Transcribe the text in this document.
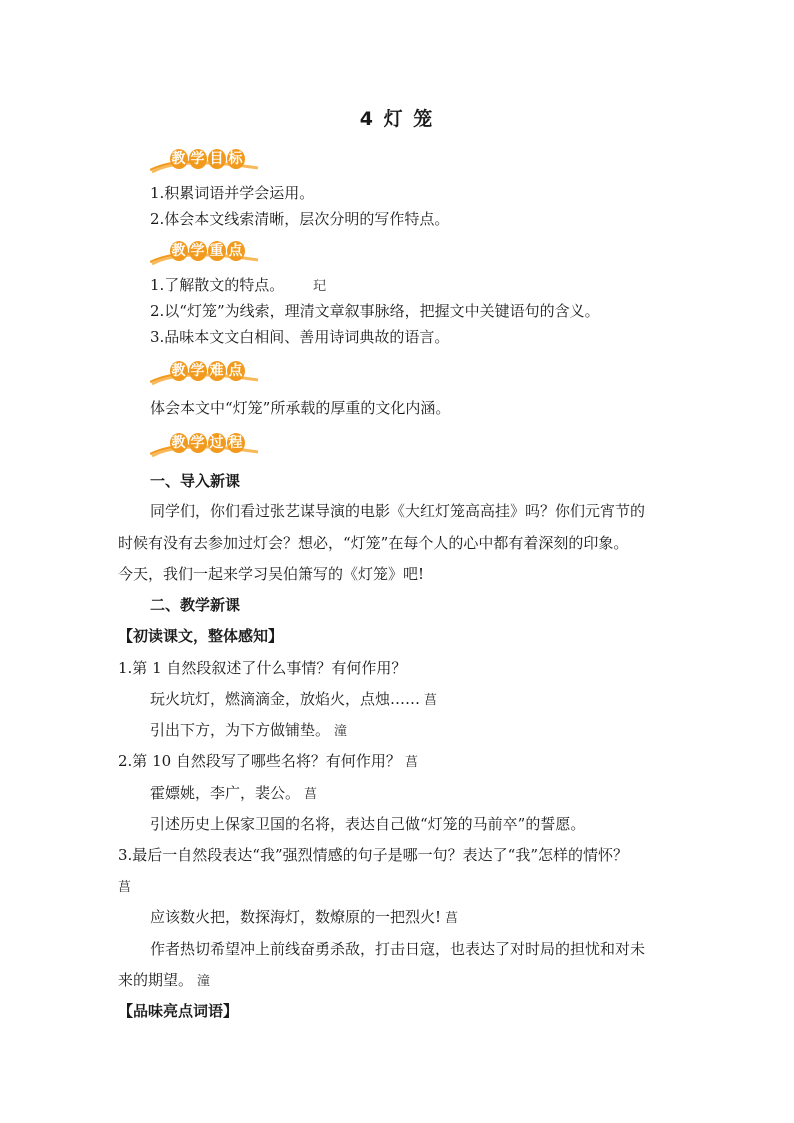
4 灯 笼
教 学 目 标
1.积累词语并学会运用。
2.体会本文线索清晰，层次分明的写作特点。
教 学 重 点
1.了解散文的特点。 玘
2.以“灯笼”为线索，理清文章叙事脉络，把握文中关键语句的含义。
3.品味本文文白相间、善用诗词典故的语言。
教 学 难 点
体会本文中“灯笼”所承载的厚重的文化内涵。
教 学 过 程
一、导入新课
同学们，你们看过张艺谋导演的电影《大红灯笼高高挂》吗？你们元宵节的
时候有没有去参加过灯会？想必，“灯笼”在每个人的心中都有着深刻的印象。
今天，我们一起来学习吴伯箫写的《灯笼》吧!
二、教学新课
【初读课文，整体感知】
1.第 1 自然段叙述了什么事情？有何作用？
玩火坑灯，燃滴滴金，放焰火，点烛…… 菖
引出下方，为下方做铺垫。 潼
2.第 10 自然段写了哪些名将？有何作用？ 菖
霍嫖姚，李广，裴公。 菖
引述历史上保家卫国的名将，表达自己做“灯笼的马前卒”的誓愿。
3.最后一自然段表达“我”强烈情感的句子是哪一句？表达了“我”怎样的情怀？
菖
应该数火把，数探海灯，数燎原的一把烈火! 菖
作者热切希望冲上前线奋勇杀敌，打击日寇，也表达了对时局的担忧和对未
来的期望。 潼
【品味亮点词语】
